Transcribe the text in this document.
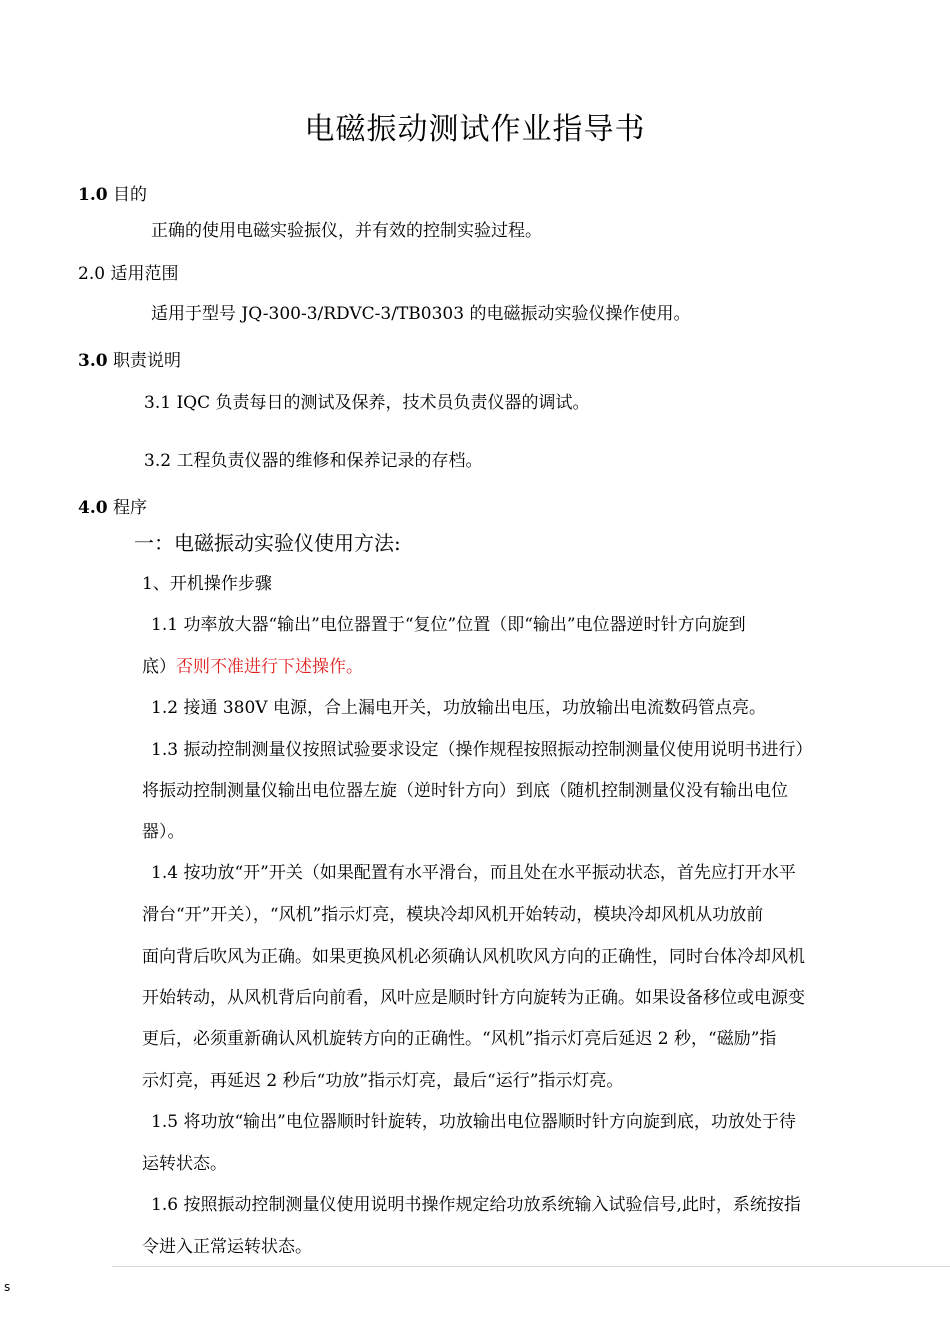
电磁振动测试作业指导书
1.0 目的
正确的使用电磁实验振仪，并有效的控制实验过程。
2.0 适用范围
适用于型号 JQ-300-3/RDVC-3/TB0303 的电磁振动实验仪操作使用。
3.0 职责说明
3.1 IQC 负责每日的测试及保养，技术员负责仪器的调试。
3.2 工程负责仪器的维修和保养记录的存档。
4.0 程序
一：电磁振动实验仪使用方法:
1、开机操作步骤
1.1 功率放大器“输出”电位器置于“复位”位置（即“输出”电位器逆时针方向旋到
底）否则不准进行下述操作。
1.2 接通 380V 电源，合上漏电开关，功放输出电压，功放输出电流数码管点亮。
1.3 振动控制测量仪按照试验要求设定（操作规程按照振动控制测量仪使用说明书进行）
将振动控制测量仪输出电位器左旋（逆时针方向）到底（随机控制测量仪没有输出电位
器）。
1.4 按功放“开”开关（如果配置有水平滑台，而且处在水平振动状态，首先应打开水平
滑台“开”开关），“风机”指示灯亮，模块冷却风机开始转动，模块冷却风机从功放前
面向背后吹风为正确。如果更换风机必须确认风机吹风方向的正确性，同时台体冷却风机
开始转动，从风机背后向前看，风叶应是顺时针方向旋转为正确。如果设备移位或电源变
更后，必须重新确认风机旋转方向的正确性。“风机”指示灯亮后延迟 2 秒，“磁励”指
示灯亮，再延迟 2 秒后“功放”指示灯亮，最后“运行”指示灯亮。
1.5 将功放“输出”电位器顺时针旋转，功放输出电位器顺时针方向旋到底，功放处于待
运转状态。
1.6 按照振动控制测量仪使用说明书操作规定给功放系统输入试验信号,此时，系统按指
令进入正常运转状态。
s
